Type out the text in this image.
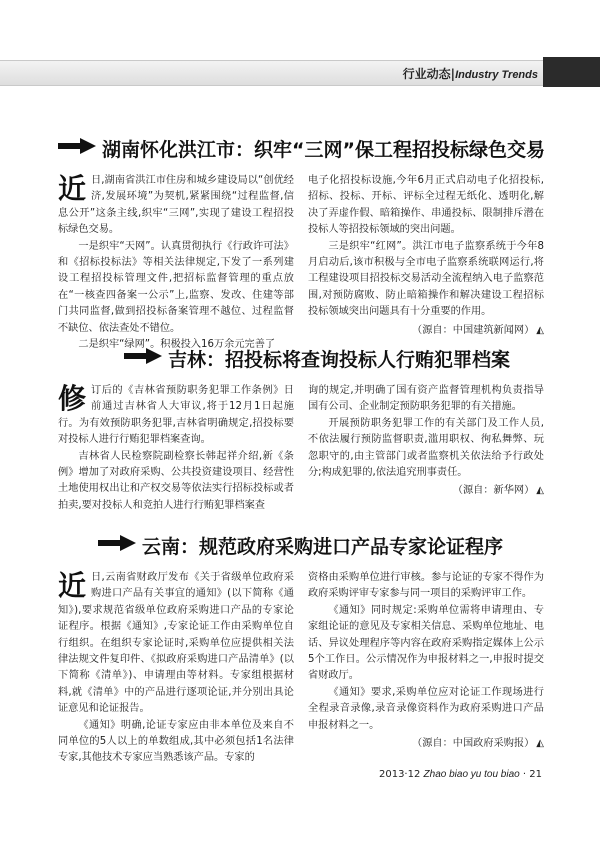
行业动态|Industry Trends
湖南怀化洪江市：织牢“三网”保工程招投标绿色交易

近日,湖南省洪江市住房和城乡建设局以“创优经济,发展环境”为契机,紧紧围绕“过程监督,信息公开”这条主线,织牢“三网”,实现了建设工程招投标绿色交易。

一是织牢“天网”。认真贯彻执行《行政许可法》和《招标投标法》等相关法律规定,下发了一系列建设工程招投标管理文件,把招标监督管理的重点放在“一核查四备案一公示”上,监察、发改、住建等部门共同监督,做到招投标备案管理不越位、过程监督不缺位、依法查处不错位。

二是织牢“绿网”。积极投入16万余元完善了

电子化招投标设施,今年6月正式启动电子化招投标,招标、投标、开标、评标全过程无纸化、透明化,解决了弄虚作假、暗箱操作、串通投标、限制排斥潜在投标人等招投标领域的突出问题。

三是织牢“红网”。洪江市电子监察系统于今年8月启动后,该市积极与全市电子监察系统联网运行,将工程建设项目招投标交易活动全流程纳入电子监察范围,对预防腐败、防止暗箱操作和解决建设工程招标投标领域突出问题具有十分重要的作用。

（源自：中国建筑新闻网） ◭

吉林：招投标将查询投标人行贿犯罪档案

修订后的《吉林省预防职务犯罪工作条例》日前通过吉林省人大审议,将于12月1日起施行。为有效预防职务犯罪,吉林省明确规定,招投标要对投标人进行行贿犯罪档案查询。

吉林省人民检察院副检察长韩起祥介绍,新《条例》增加了对政府采购、公共投资建设项目、经营性土地使用权出让和产权交易等依法实行招标投标或者拍卖,要对投标人和竞拍人进行行贿犯罪档案查

询的规定,并明确了国有资产监督管理机构负责指导国有公司、企业制定预防职务犯罪的有关措施。

开展预防职务犯罪工作的有关部门及工作人员,不依法履行预防监督职责,滥用职权、徇私舞弊、玩忽职守的,由主管部门或者监察机关依法给予行政处分;构成犯罪的,依法追究刑事责任。

（源自：新华网） ◭

云南：规范政府采购进口产品专家论证程序

近日,云南省财政厅发布《关于省级单位政府采购进口产品有关事宜的通知》(以下简称《通知》),要求规范省级单位政府采购进口产品的专家论证程序。根据《通知》,专家论证工作由采购单位自行组织。在组织专家论证时,采购单位应提供相关法律法规文件复印件、《拟政府采购进口产品清单》(以下简称《清单》)、申请理由等材料。专家组根据材料,就《清单》中的产品进行逐项论证,并分别出具论证意见和论证报告。

《通知》明确,论证专家应由非本单位及来自不同单位的5人以上的单数组成,其中必须包括1名法律专家,其他技术专家应当熟悉该产品。专家的

资格由采购单位进行审核。参与论证的专家不得作为政府采购评审专家参与同一项目的采购评审工作。

《通知》同时规定:采购单位需将申请理由、专家组论证的意见及专家相关信息、采购单位地址、电话、异议处理程序等内容在政府采购指定媒体上公示5个工作日。公示情况作为申报材料之一,申报时提交省财政厅。

《通知》要求,采购单位应对论证工作现场进行全程录音录像,录音录像资料作为政府采购进口产品申报材料之一。

（源自：中国政府采购报） ◭

2013·12 Zhao biao yu tou biao · 21
